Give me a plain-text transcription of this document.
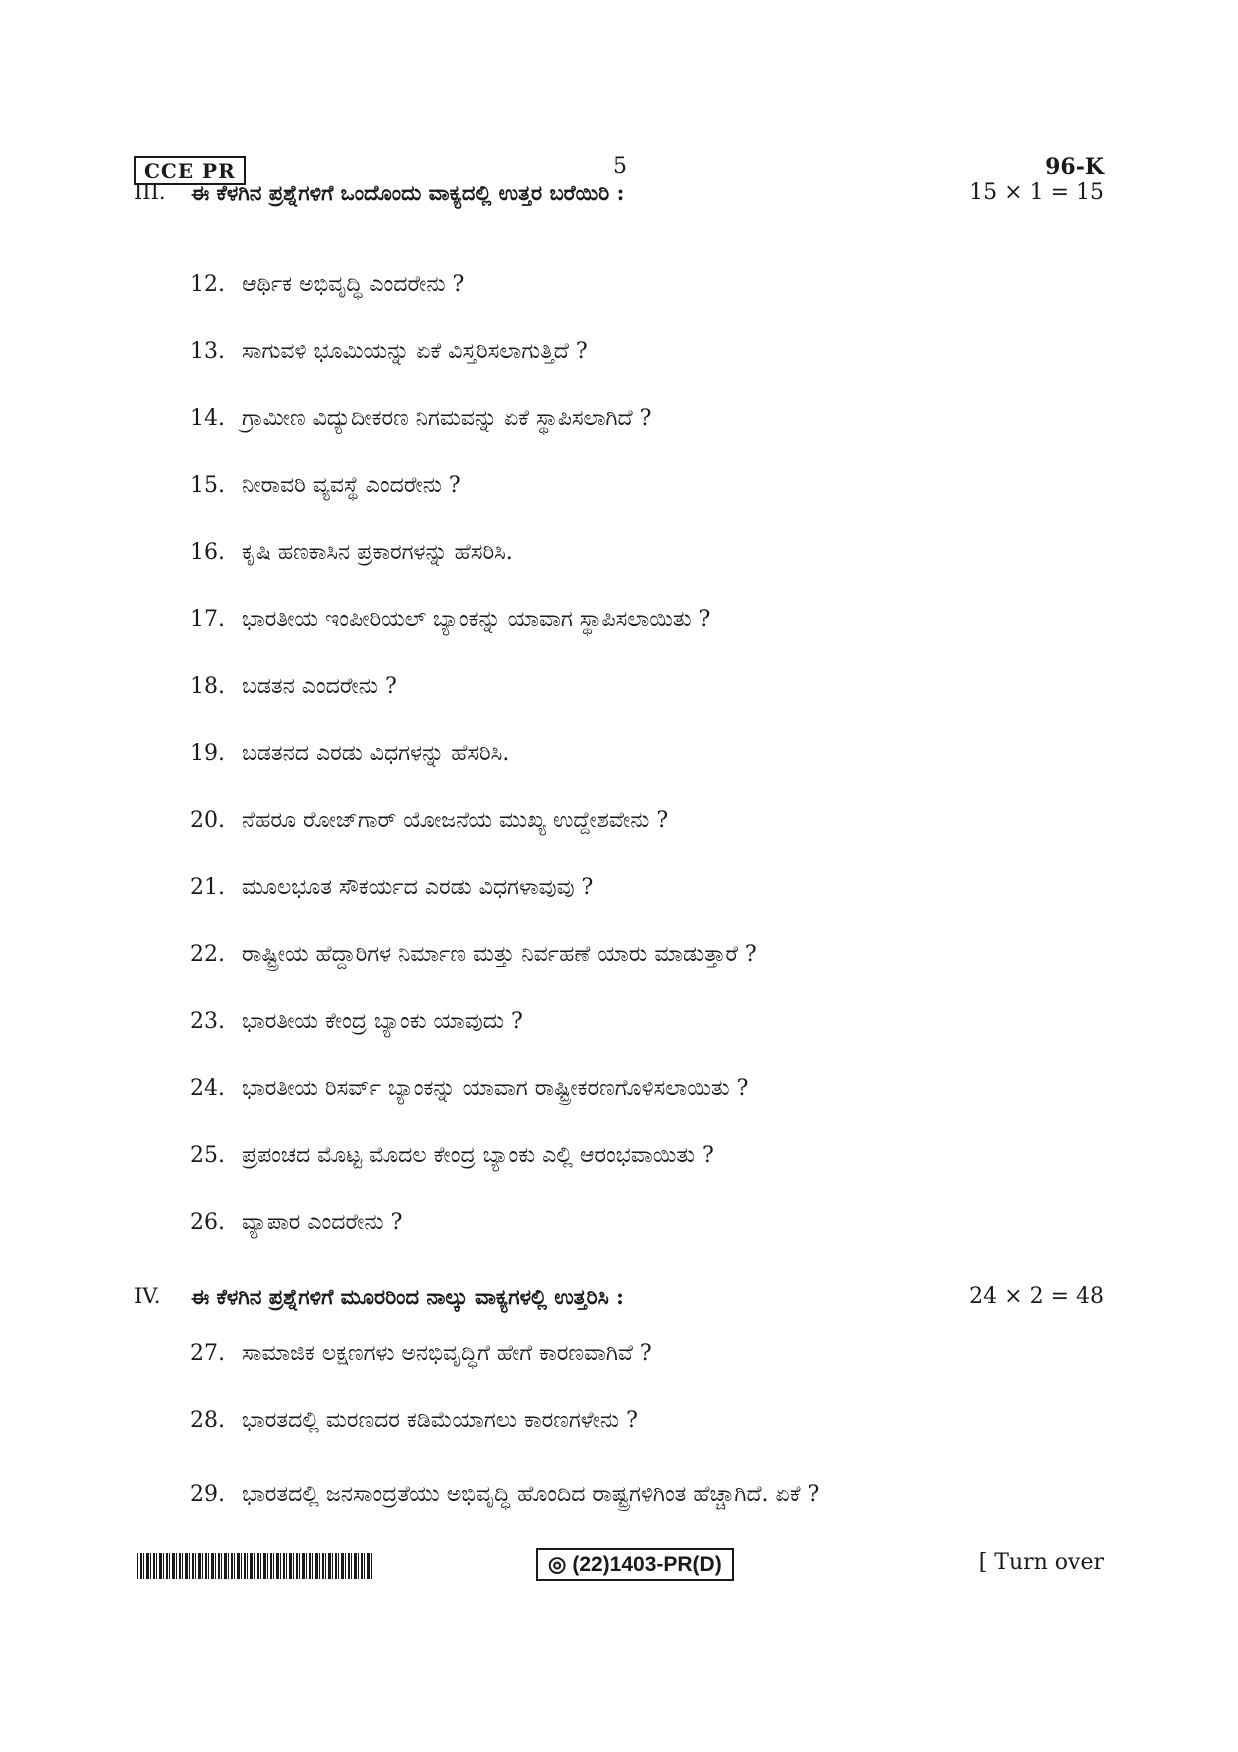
CCE PR	5	96-K
III. ಈ ಕೆಳಗಿನ ಪ್ರಶ್ನೆಗಳಿಗೆ ಒಂದೊಂದು ವಾಕ್ಯದಲ್ಲಿ ಉತ್ತರ ಬರೆಯಿರಿ :	15 × 1 = 15
12. ಆರ್ಥಿಕ ಅಭಿವೃದ್ಧಿ ಎಂದರೇನು ?
13. ಸಾಗುವಳಿ ಭೂಮಿಯನ್ನು ಏಕೆ ವಿಸ್ತರಿಸಲಾಗುತ್ತಿದೆ ?
14. ಗ್ರಾಮೀಣ ವಿದ್ಯುದೀಕರಣ ನಿಗಮವನ್ನು ಏಕೆ ಸ್ಥಾಪಿಸಲಾಗಿದೆ ?
15. ನೀರಾವರಿ ವ್ಯವಸ್ಥೆ ಎಂದರೇನು ?
16. ಕೃಷಿ ಹಣಕಾಸಿನ ಪ್ರಕಾರಗಳನ್ನು ಹೆಸರಿಸಿ.
17. ಭಾರತೀಯ ಇಂಪೀರಿಯಲ್ ಬ್ಯಾಂಕನ್ನು ಯಾವಾಗ ಸ್ಥಾಪಿಸಲಾಯಿತು ?
18. ಬಡತನ ಎಂದರೇನು ?
19. ಬಡತನದ ಎರಡು ವಿಧಗಳನ್ನು ಹೆಸರಿಸಿ.
20. ನೆಹರೂ ರೋಜ್‌ಗಾರ್ ಯೋಜನೆಯ ಮುಖ್ಯ ಉದ್ದೇಶವೇನು ?
21. ಮೂಲಭೂತ ಸೌಕರ್ಯದ ಎರಡು ವಿಧಗಳಾವುವು ?
22. ರಾಷ್ಟ್ರೀಯ ಹೆದ್ದಾರಿಗಳ ನಿರ್ಮಾಣ ಮತ್ತು ನಿರ್ವಹಣೆ ಯಾರು ಮಾಡುತ್ತಾರೆ ?
23. ಭಾರತೀಯ ಕೇಂದ್ರ ಬ್ಯಾಂಕು ಯಾವುದು ?
24. ಭಾರತೀಯ ರಿಸರ್ವ್ ಬ್ಯಾಂಕನ್ನು ಯಾವಾಗ ರಾಷ್ಟ್ರೀಕರಣಗೊಳಿಸಲಾಯಿತು ?
25. ಪ್ರಪಂಚದ ಮೊಟ್ಟ ಮೊದಲ ಕೇಂದ್ರ ಬ್ಯಾಂಕು ಎಲ್ಲಿ ಆರಂಭವಾಯಿತು ?
26. ವ್ಯಾಪಾರ ಎಂದರೇನು ?
IV. ಈ ಕೆಳಗಿನ ಪ್ರಶ್ನೆಗಳಿಗೆ ಮೂರರಿಂದ ನಾಲ್ಕು ವಾಕ್ಯಗಳಲ್ಲಿ ಉತ್ತರಿಸಿ :	24 × 2 = 48
27. ಸಾಮಾಜಿಕ ಲಕ್ಷಣಗಳು ಅನಭಿವೃದ್ಧಿಗೆ ಹೇಗೆ ಕಾರಣವಾಗಿವೆ ?
28. ಭಾರತದಲ್ಲಿ ಮರಣದರ ಕಡಿಮೆಯಾಗಲು ಕಾರಣಗಳೇನು ?
29. ಭಾರತದಲ್ಲಿ ಜನಸಾಂದ್ರತೆಯು ಅಭಿವೃದ್ಧಿ ಹೊಂದಿದ ರಾಷ್ಟ್ರಗಳಿಗಿಂತ ಹೆಚ್ಚಾಗಿದೆ. ಏಕೆ ?
◎ (22)1403-PR(D)	[ Turn over
